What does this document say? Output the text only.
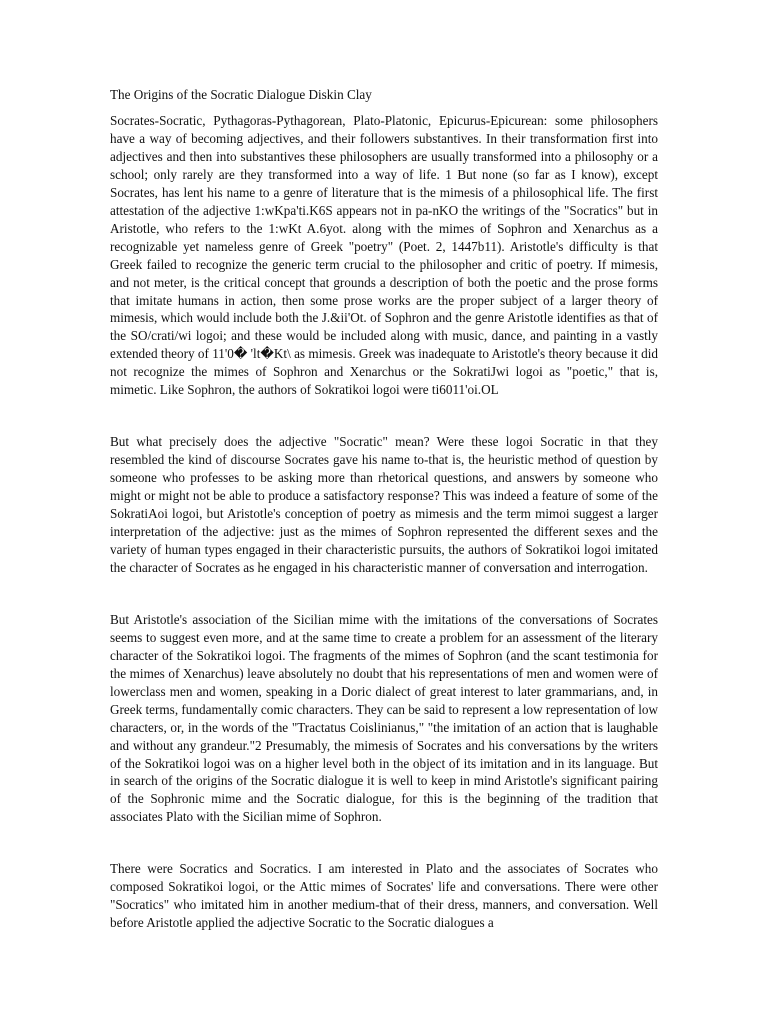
The Origins of the Socratic Dialogue Diskin Clay

Socrates-Socratic, Pythagoras-Pythagorean, Plato-Platonic, Epicurus-Epicurean: some philosophers have a way of becoming adjectives, and their followers substantives. In their transformation first into adjectives and then into substantives these philosophers are usually transformed into a philosophy or a school; only rarely are they transformed into a way of life. 1 But none (so far as I know), except Socrates, has lent his name to a genre of literature that is the mimesis of a philosophical life. The first attestation of the adjective 1:wKpa'ti.K6S appears not in pa-nKO the writings of the "Socratics" but in Aristotle, who refers to the 1:wKt A.6yot. along with the mimes of Sophron and Xenarchus as a recognizable yet nameless genre of Greek "poetry" (Poet. 2, 1447b11). Aristotle's difficulty is that Greek failed to recognize the generic term crucial to the philosopher and critic of poetry. If mimesis, and not meter, is the critical concept that grounds a description of both the poetic and the prose forms that imitate humans in action, then some prose works are the proper subject of a larger theory of mimesis, which would include both the J.&ii'Ot. of Sophron and the genre Aristotle identifies as that of the SO/crati/wi logoi; and these would be included along with music, dance, and painting in a vastly extended theory of 11'0� 'lt�Kt\ as mimesis. Greek was inadequate to Aristotle's theory because it did not recognize the mimes of Sophron and Xenarchus or the SokratiJwi logoi as "poetic," that is, mimetic. Like Sophron, the authors of Sokratikoi logoi were ti6011'oi.OL

But what precisely does the adjective "Socratic" mean? Were these logoi Socratic in that they resembled the kind of discourse Socrates gave his name to-that is, the heuristic method of question by someone who professes to be asking more than rhetorical questions, and answers by someone who might or might not be able to produce a satisfactory response? This was indeed a feature of some of the SokratiAoi logoi, but Aristotle's conception of poetry as mimesis and the term mimoi suggest a larger interpretation of the adjective: just as the mimes of Sophron represented the different sexes and the variety of human types engaged in their characteristic pursuits, the authors of Sokratikoi logoi imitated the character of Socrates as he engaged in his characteristic manner of conversation and interrogation.

But Aristotle's association of the Sicilian mime with the imitations of the conversations of Socrates seems to suggest even more, and at the same time to create a problem for an assessment of the literary character of the Sokratikoi logoi. The fragments of the mimes of Sophron (and the scant testimonia for the mimes of Xenarchus) leave absolutely no doubt that his representations of men and women were of lowerclass men and women, speaking in a Doric dialect of great interest to later grammarians, and, in Greek terms, fundamentally comic characters. They can be said to represent a low representation of low characters, or, in the words of the "Tractatus Coislinianus," "the imitation of an action that is laughable and without any grandeur."2 Presumably, the mimesis of Socrates and his conversations by the writers of the Sokratikoi logoi was on a higher level both in the object of its imitation and in its language. But in search of the origins of the Socratic dialogue it is well to keep in mind Aristotle's significant pairing of the Sophronic mime and the Socratic dialogue, for this is the beginning of the tradition that associates Plato with the Sicilian mime of Sophron.

There were Socratics and Socratics. I am interested in Plato and the associates of Socrates who composed Sokratikoi logoi, or the Attic mimes of Socrates' life and conversations. There were other "Socratics" who imitated him in another medium-that of their dress, manners, and conversation. Well before Aristotle applied the adjective Socratic to the Socratic dialogues a
